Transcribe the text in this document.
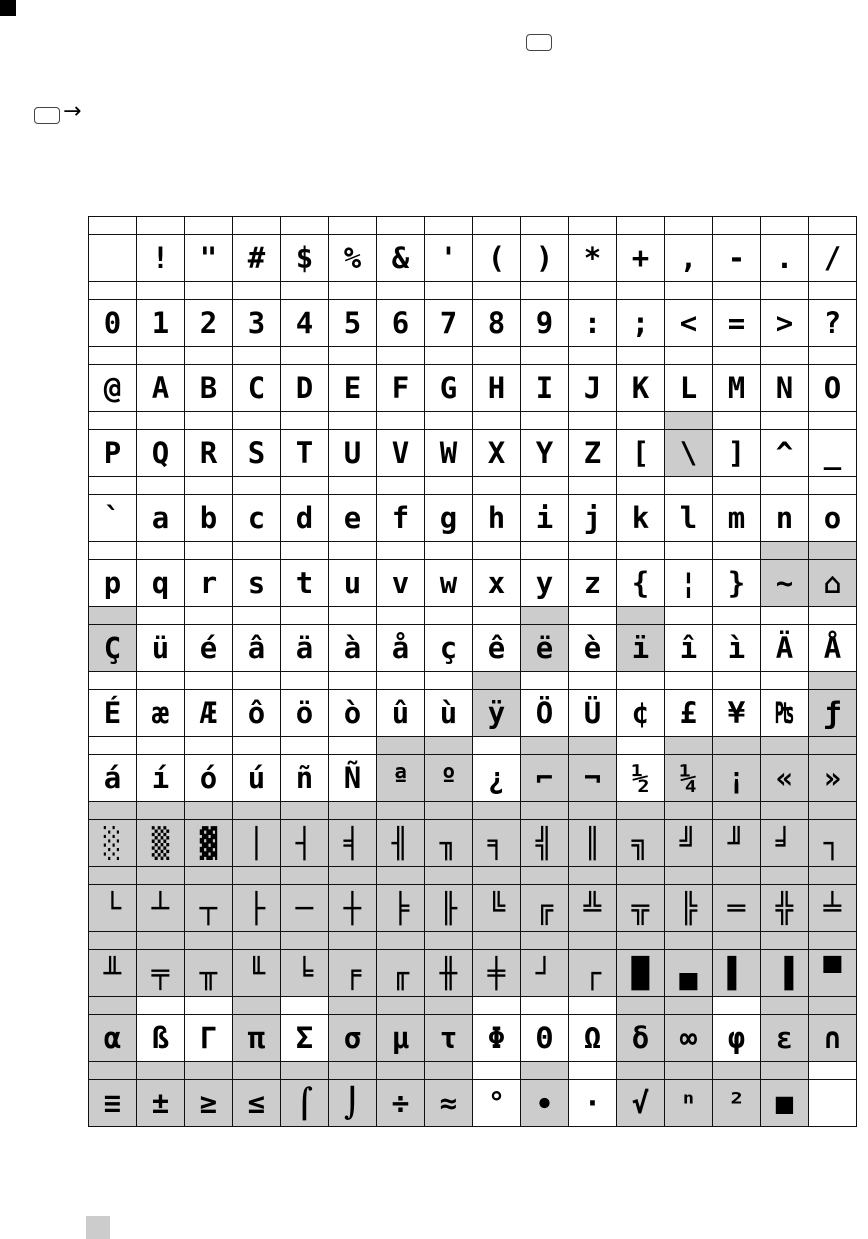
→

	!	"	#	$	%	&	'	(	)	*	+	,	-	.	/

0	1	2	3	4	5	6	7	8	9	:	;	<	=	>	?

@	A	B	C	D	E	F	G	H	I	J	K	L	M	N	O

P	Q	R	S	T	U	V	W	X	Y	Z	[	\	]	^	_

`	a	b	c	d	e	f	g	h	i	j	k	l	m	n	o

p	q	r	s	t	u	v	w	x	y	z	{	¦	}	~	⌂

Ç	ü	é	â	ä	à	å	ç	ê	ë	è	ï	î	ì	Ä	Å

É	æ	Æ	ô	ö	ò	û	ù	ÿ	Ö	Ü	¢	£	¥	₧	ƒ

á	í	ó	ú	ñ	Ñ	ª	º	¿	⌐	¬	½	¼	¡	«	»

░	▒	▓	│	┤	╡	╢	╖	╕	╣	║	╗	╝	╜	╛	┐

└	┴	┬	├	─	┼	╞	╟	╚	╔	╩	╦	╠	═	╬	╧

╨	╤	╥	╙	╘	╒	╓	╫	╪	┘	┌	█	▄	▌	▐	▀

α	ß	Γ	π	Σ	σ	µ	τ	Φ	Θ	Ω	δ	∞	φ	ε	∩

≡	±	≥	≤	⌠	⌡	÷	≈	°	∙	·	√	ⁿ	²	■	
